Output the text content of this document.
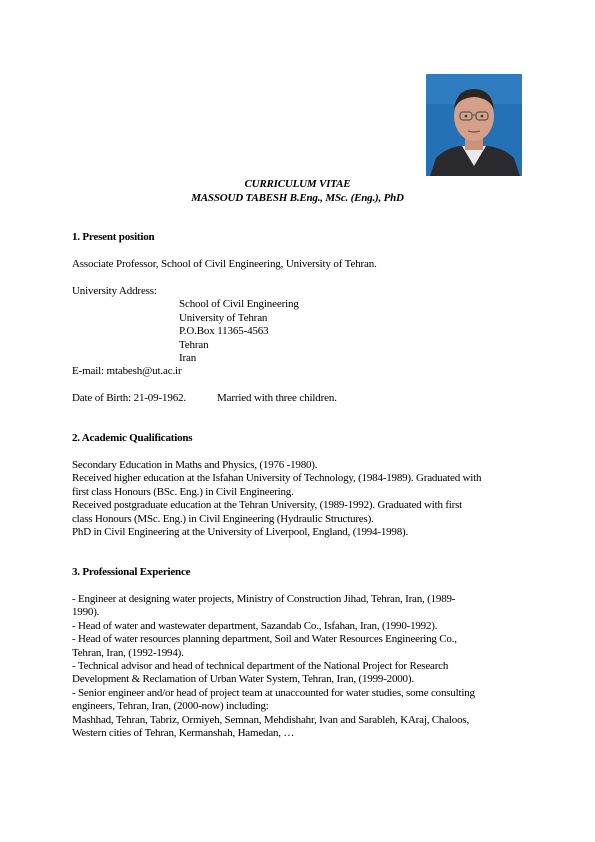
CURRICULUM VITAE
MASSOUD TABESH B.Eng., MSc. (Eng.), PhD
1. Present position
Associate Professor, School of Civil Engineering, University of Tehran.
University Address:
School of Civil Engineering
University of Tehran
P.O.Box 11365-4563
Tehran
Iran
E-mail: mtabesh@ut.ac.ir
Date of Birth: 21-09-1962.	Married with three children.
2. Academic Qualifications
Secondary Education in Maths and Physics, (1976 -1980).
Received higher education at the Isfahan University of Technology, (1984-1989). Graduated with
first class Honours (BSc. Eng.) in Civil Engineering.
Received postgraduate education at the Tehran University, (1989-1992). Graduated with first
class Honours (MSc. Eng.) in Civil Engineering (Hydraulic Structures).
PhD in Civil Engineering at the University of Liverpool, England, (1994-1998).
3. Professional Experience
- Engineer at designing water projects, Ministry of Construction Jihad, Tehran, Iran, (1989-
1990).
- Head of water and wastewater department, Sazandab Co., Isfahan, Iran, (1990-1992).
- Head of water resources planning department, Soil and Water Resources Engineering Co.,
Tehran, Iran, (1992-1994).
- Technical advisor and head of technical department of the National Project for Research
Development & Reclamation of Urban Water System, Tehran, Iran, (1999-2000).
- Senior engineer and/or head of project team at unaccounted for water studies, some consulting
engineers, Tehran, Iran, (2000-now) including:
Mashhad, Tehran, Tabriz, Ormiyeh, Semnan, Mehdishahr, Ivan and Sarableh, KAraj, Chaloos,
Western cities of Tehran, Kermanshah, Hamedan, …
